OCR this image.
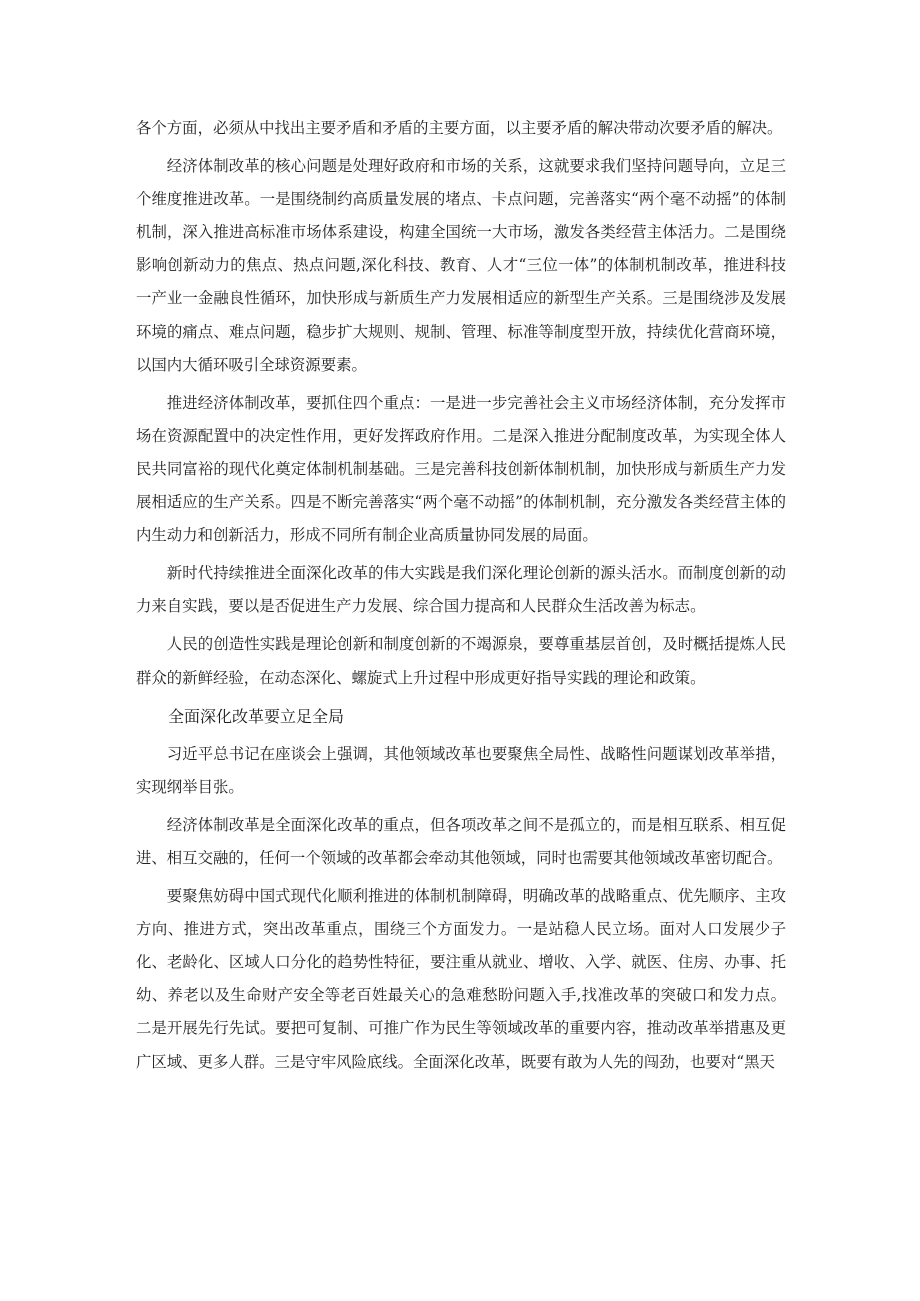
各个方面，必须从中找出主要矛盾和矛盾的主要方面，以主要矛盾的解决带动次要矛盾的解决。

经济体制改革的核心问题是处理好政府和市场的关系，这就要求我们坚持问题导向，立足三个维度推进改革。一是围绕制约高质量发展的堵点、卡点问题，完善落实“两个毫不动摇”的体制机制，深入推进高标准市场体系建设，构建全国统一大市场，激发各类经营主体活力。二是围绕影响创新动力的焦点、热点问题,深化科技、教育、人才“三位一体”的体制机制改革，推进科技一产业一金融良性循环，加快形成与新质生产力发展相适应的新型生产关系。三是围绕涉及发展环境的痛点、难点问题，稳步扩大规则、规制、管理、标准等制度型开放，持续优化营商环境，以国内大循环吸引全球资源要素。

推进经济体制改革，要抓住四个重点：一是进一步完善社会主义市场经济体制，充分发挥市场在资源配置中的决定性作用，更好发挥政府作用。二是深入推进分配制度改革，为实现全体人民共同富裕的现代化奠定体制机制基础。三是完善科技创新体制机制，加快形成与新质生产力发展相适应的生产关系。四是不断完善落实“两个毫不动摇”的体制机制，充分激发各类经营主体的内生动力和创新活力，形成不同所有制企业高质量协同发展的局面。

新时代持续推进全面深化改革的伟大实践是我们深化理论创新的源头活水。而制度创新的动力来自实践，要以是否促进生产力发展、综合国力提高和人民群众生活改善为标志。

人民的创造性实践是理论创新和制度创新的不竭源泉，要尊重基层首创，及时概括提炼人民群众的新鲜经验，在动态深化、螺旋式上升过程中形成更好指导实践的理论和政策。

全面深化改革要立足全局

习近平总书记在座谈会上强调，其他领域改革也要聚焦全局性、战略性问题谋划改革举措，实现纲举目张。

经济体制改革是全面深化改革的重点，但各项改革之间不是孤立的，而是相互联系、相互促进、相互交融的，任何一个领域的改革都会牵动其他领域，同时也需要其他领域改革密切配合。

要聚焦妨碍中国式现代化顺利推进的体制机制障碍，明确改革的战略重点、优先顺序、主攻方向、推进方式，突出改革重点，围绕三个方面发力。一是站稳人民立场。面对人口发展少子化、老龄化、区域人口分化的趋势性特征，要注重从就业、增收、入学、就医、住房、办事、托幼、养老以及生命财产安全等老百姓最关心的急难愁盼问题入手,找准改革的突破口和发力点。二是开展先行先试。要把可复制、可推广作为民生等领域改革的重要内容，推动改革举措惠及更广区域、更多人群。三是守牢风险底线。全面深化改革，既要有敢为人先的闯劲，也要对“黑天
